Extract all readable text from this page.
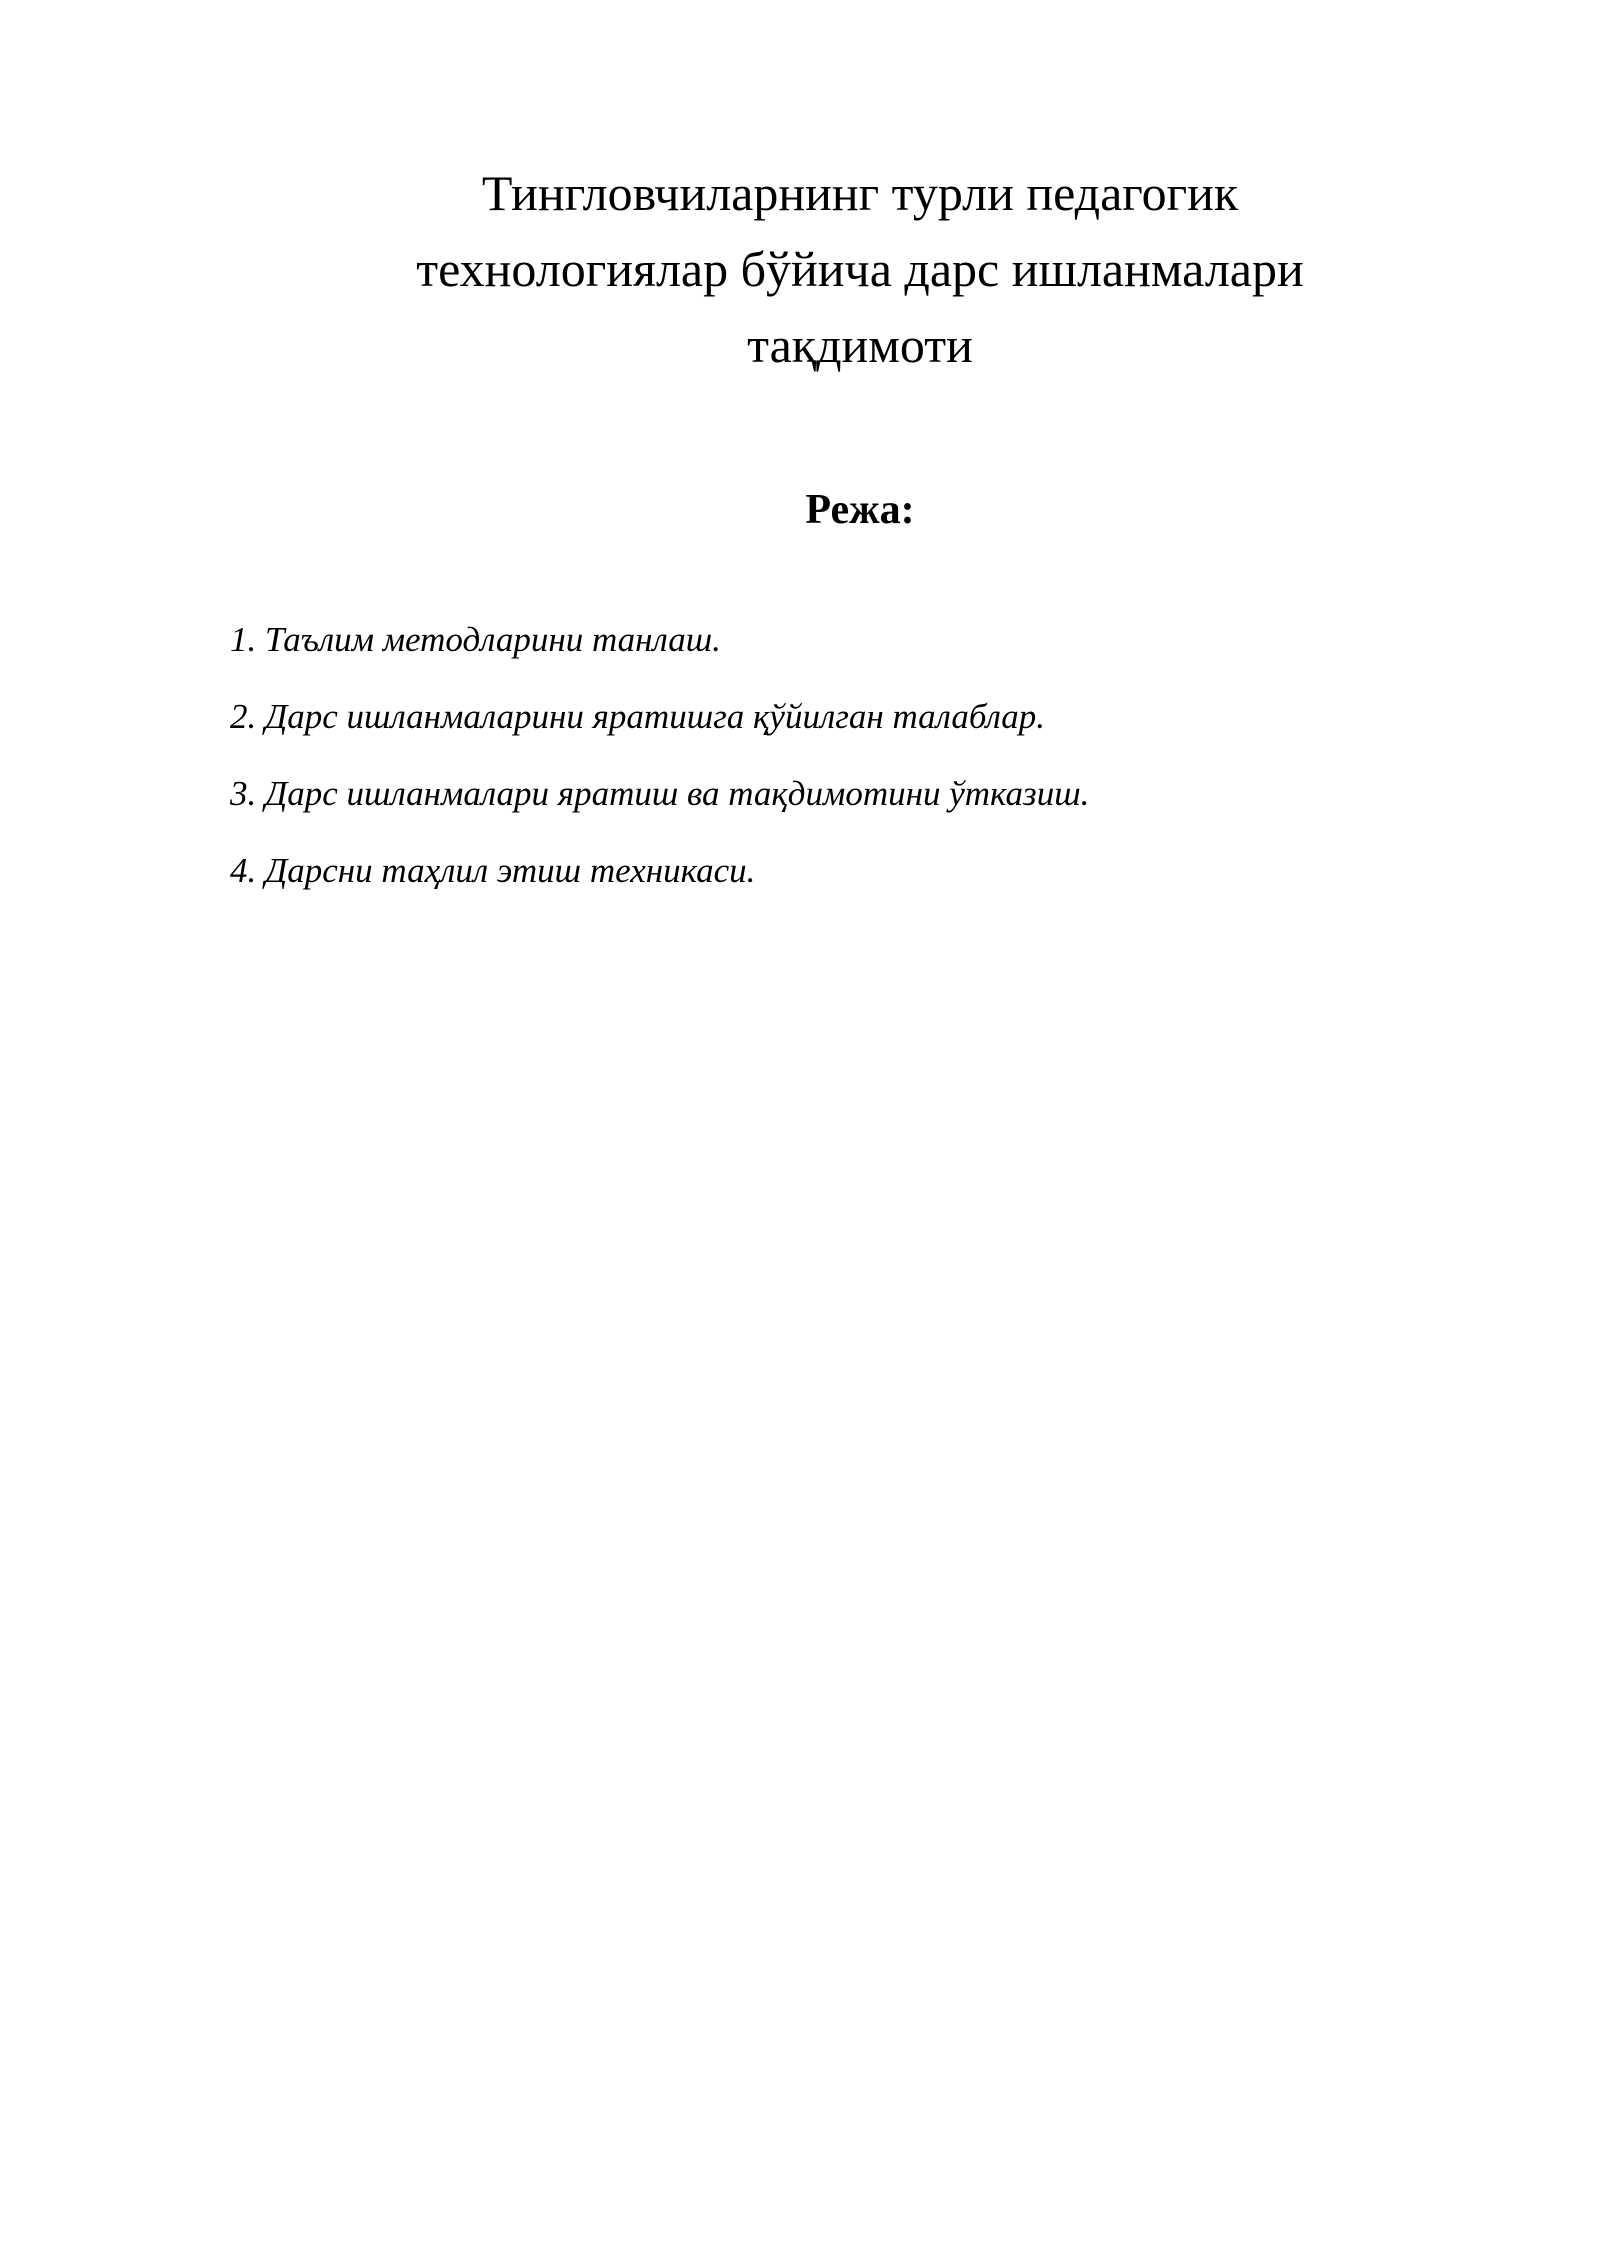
Тингловчиларнинг турли педагогик
технологиялар бўйича дарс ишланмалари
тақдимоти
Режа:
1. Таълим методларини танлаш.
2. Дарс ишланмаларини яратишга қўйилган талаблар.
3. Дарс ишланмалари яратиш ва тақдимотини ўтказиш.
4. Дарсни таҳлил этиш техникаси.
